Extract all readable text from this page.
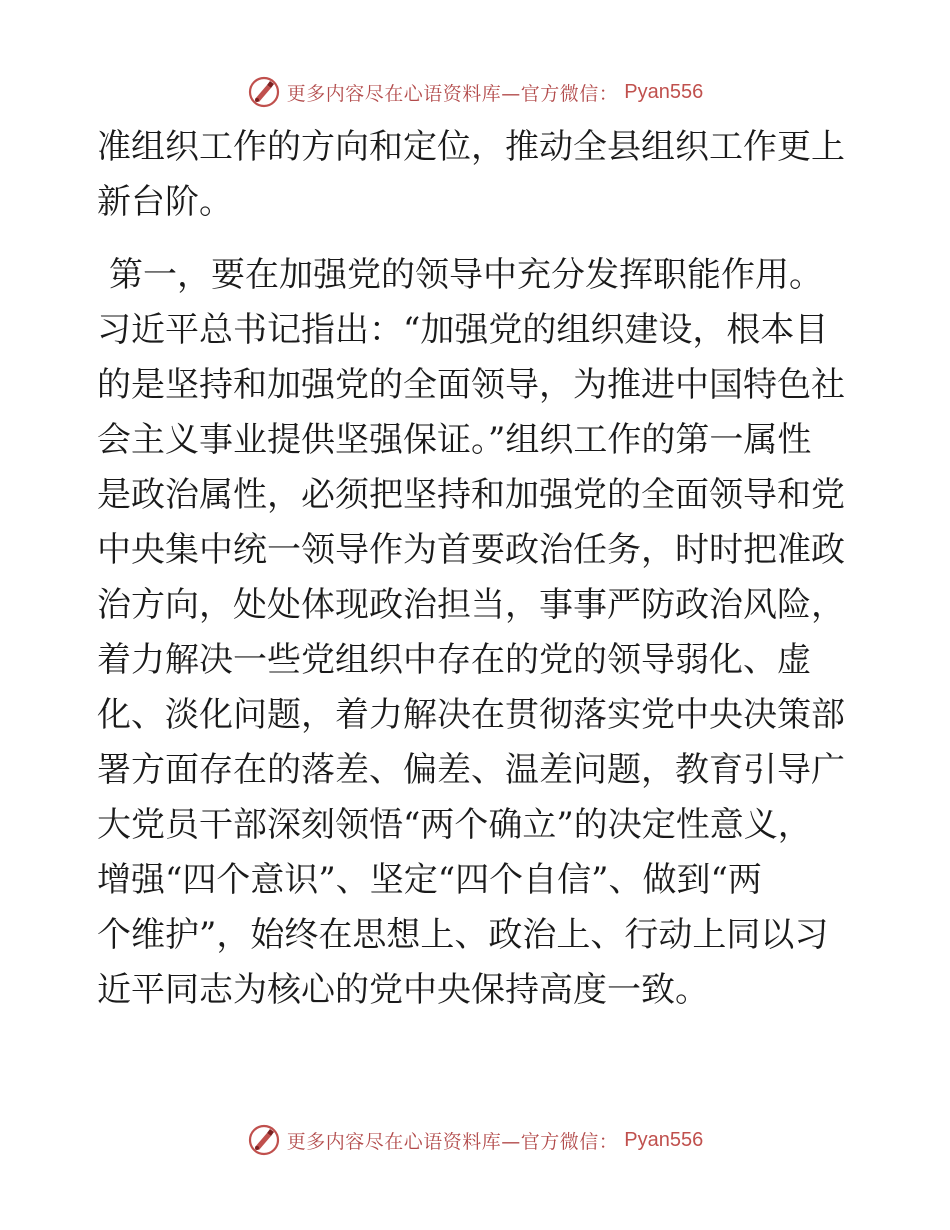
更多内容尽在心语资料库—官方微信： Pyan556
准组织工作的方向和定位，推动全县组织工作更上
新台阶。
第一，要在加强党的领导中充分发挥职能作用。
习近平总书记指出：“加强党的组织建设，根本目
的是坚持和加强党的全面领导，为推进中国特色社
会主义事业提供坚强保证。”组织工作的第一属性
是政治属性，必须把坚持和加强党的全面领导和党
中央集中统一领导作为首要政治任务，时时把准政
治方向，处处体现政治担当，事事严防政治风险，
着力解决一些党组织中存在的党的领导弱化、虚
化、淡化问题，着力解决在贯彻落实党中央决策部
署方面存在的落差、偏差、温差问题，教育引导广
大党员干部深刻领悟“两个确立”的决定性意义，
增强“四个意识”、坚定“四个自信”、做到“两
个维护”，始终在思想上、政治上、行动上同以习
近平同志为核心的党中央保持高度一致。
更多内容尽在心语资料库—官方微信： Pyan556
